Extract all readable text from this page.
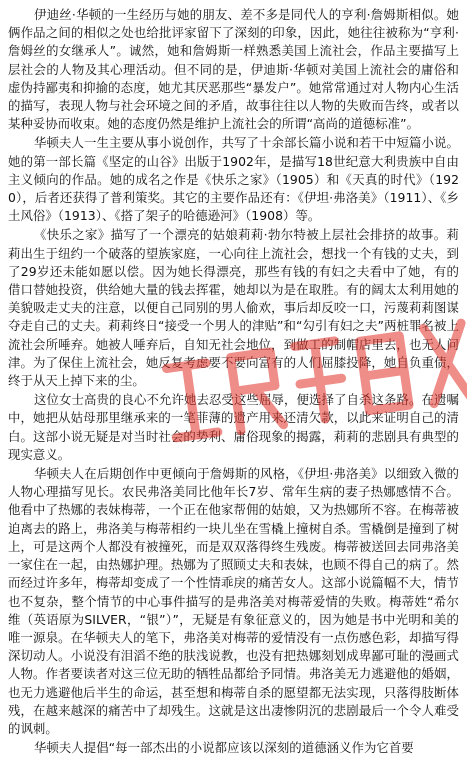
伊迪丝·华顿的一生经历与她的朋友、差不多是同代人的亨利·詹姆斯相似。她俩作品之间的相似之处也给批评家留下了深刻的印象，因此，她往往被称为“亨利·詹姆丝的女继承人”。诚然，她和詹姆斯一样熟悉美国上流社会，作品主要描写上层社会的人物及其心理活动。但不同的是，伊迪斯·华顿对美国上流社会的庸俗和虚伪持鄙夷和抑揄的态度，她尤其厌恶那些“暴发户”。她常常通过对人物内心生活的描写，表现人物与社会环境之间的矛盾，故事往往以人物的失败而告终，或者以某种妥协而收束。她的态度仍然是维护上流社会的所谓“高尚的道德标准”。

华顿夫人一生主要从事小说创作，共写了十余部长篇小说和若干中短篇小说。她的第一部长篇《坚定的山谷》出版于1902年，是描写18世纪意大利贵族中自由主义倾向的作品。她的成名之作是《快乐之家》（1905）和《天真的时代》（1920），后者还获得了普利策奖。其它的主要作品还有：《伊坦·弗洛美》（1911）、《乡土风俗》（1913）、《搭了架子的哈德逊河》（1908）等。

《快乐之家》描写了一个漂亮的姑娘莉莉·勃尔特被上层社会排挤的故事。莉莉出生于纽约一个破落的望族家庭，一心向往上流社会，想找一个有钱的丈夫，到了29岁还未能如愿以偿。因为她长得漂亮，那些有钱的有妇之夫看中了她，有的借口替她投资，供给她大量的钱去挥霍，她却以为是在取胜。有的阔太太利用她的美貌吸走丈夫的注意，以便自己同别的男人偷欢，事后却反咬一口，污蔑莉莉图谋夺走自己的丈夫。莉莉终日“接受一个男人的津贴”和“勾引有妇之夫”两桩罪名被上流社会所唾弃。她被人唾弃后，自知无社会地位，到做工的制帽店里去，也无人问津。为了保住上流社会，她反复考虑要不要向富有的人们屈膝投降，她自负重债，终于从天上掉下来的尘。

这位女士高贵的良心不允许她去忍受这些屈辱，便选择了自杀这条路。在遗嘱中，她把从姑母那里继承来的一笔菲薄的遗产用来还清欠款，以此来证明自己的清白。这部小说无疑是对当时社会的势利、庸俗现象的揭露，莉莉的悲剧具有典型的现实意义。

华顿夫人在后期创作中更倾向于詹姆斯的风格，《伊坦·弗洛美》以细致入微的人物心理描写见长。农民弗洛美同比他年长7岁、常年生病的妻子热娜感情不合。他看中了热娜的表妹梅蒂，一个正在他家帮佣的姑娘，又为热娜所不容。在梅蒂被迫离去的路上，弗洛美与梅蒂相约一块儿坐在雪橇上撞树自杀。雪橇倒是撞到了树上，可是这两个人都没有被撞死，而是双双落得终生残废。梅蒂被送回去同弗洛美一家住在一起，由热娜护理。热娜为了照顾丈夫和表妹，也顾不得自己的病了。然而经过许多年，梅蒂却变成了一个性情乖戾的痛苦女人。这部小说篇幅不大，情节也不复杂，整个情节的中心事件描写的是弗洛美对梅蒂爱情的失败。梅蒂姓“希尔维（英语原为SILVER，“银”）”，无疑是有象征意义的，因为她是书中光明和美的唯一源泉。在华顿夫人的笔下，弗洛美对梅蒂的爱情没有一点伤感色彩，却描写得深切动人。小说没有泪滔不绝的肤浅说教，也没有把热娜刻划成卑鄙可耻的漫画式人物。作者要读者对这三位无助的牺牲品都给予同情。弗洛美无力逃避他的婚姻，也无力逃避他后半生的命运，甚至想和梅蒂自杀的愿望都无法实现，只落得肢断体残，在越来越深的痛苦中了却残生。这就是这出凄惨阴沉的悲剧最后一个令人难受的讽刺。

华顿夫人提倡“每一部杰出的小说都应该以深刻的道德涵义作为它首要
